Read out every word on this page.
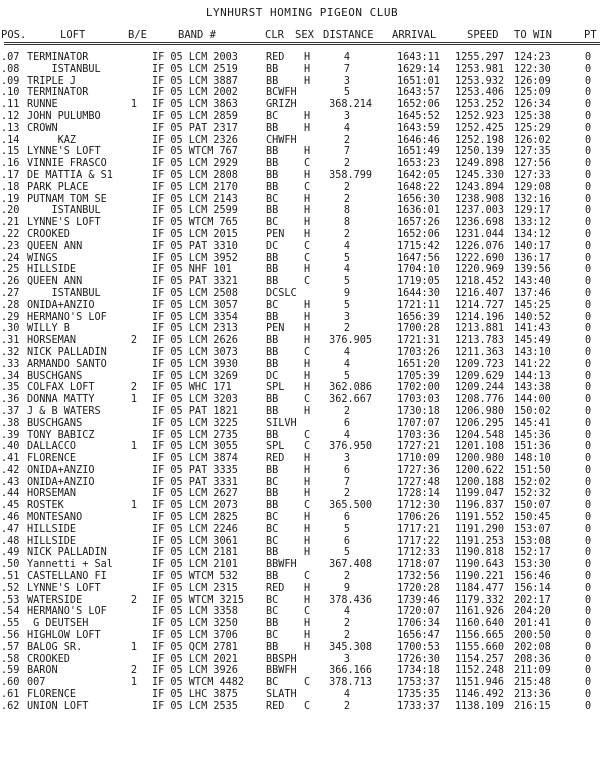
LYNHURST HOMING PIGEON CLUB
POS.	LOFT	B/E	BAND #	CLR SEX DISTANCE ARRIVAL	SPEED TO WIN	PT
.07 TERMINATOR	IF 05 LCM 2003	RED H	4	1643:11 1255.297 124:23	0
.08 ISTANBUL	IF 05 LCM 2519	BB	H	7	1629:14 1253.981 122:30	0
.09 TRIPLE J	IF 05 LCM 3887	BB	H	3	1651:01 1253.932 126:09	0
.10 TERMINATOR	IF 05 LCM 2002	BCWFH	5	1643:57 1253.406 125:09	0
.11 RUNNE	1 IF 05 LCM 3863	GRIZH	368.214 1652:06 1253.252 126:34	0
.12 JOHN PULUMBO	IF 05 LCM 2859	BC	H	3	1645:52 1252.923 125:38	0
.13 CROWN	IF 05 PAT 2317	BB	H	4	1643:59 1252.425 125:29	0
.14 KAZ	IF 05 LCM 2326	CHWFH	2	1646:46 1252.198 126:02	0
.15 LYNNE'S LOFT	IF 05 WTCM 767	BB	H	7	1651:49 1250.139 127:35	0
.16 VINNIE FRASCO	IF 05 LCM 2929	BB	C	2	1653:23 1249.898 127:56	0
.17 DE MATTIA & S1	IF 05 LCM 2808	BB	H	358.799 1642:05 1245.330 127:33	0
.18 PARK PLACE	IF 05 LCM 2170	BB	C	2	1648:22 1243.894 129:08	0
.19 PUTNAM TOM SE	IF 05 LCM 2143	BC	H	2	1656:30 1238.908 132:16	0
.20 ISTANBUL	IF 05 LCM 2599	BB	H	8	1636:01 1237.003 129:17	0
.21 LYNNE'S LOFT	IF 05 WTCM 765	BC	H	8	1657:26 1236.698 133:12	0
.22 CROOKED	IF 05 LCM 2015	PEN H	2	1652:06 1231.044 134:12	0
.23 QUEEN ANN	IF 05 PAT 3310	DC	C	4	1715:42 1226.076 140:17	0
.24 WINGS	IF 05 LCM 3952	BB	C	5	1647:56 1222.690 136:17	0
.25 HILLSIDE	IF 05 NHF 101	BB	H	4	1704:10 1220.969 139:56	0
.26 QUEEN ANN	IF 05 PAT 3321	BB	C	5	1719:05 1218.452 143:40	0
.27 ISTANBUL	IF 05 LCM 2508	DCSLC	9	1644:30 1216.407 137:46	0
.28 ONIDA+ANZIO	IF 05 LCM 3057	BC	H	5	1721:11 1214.727 145:25	0
.29 HERMANO'S LOF	IF 05 LCM 3354	BB	H	3	1656:39 1214.196 140:52	0
.30 WILLY B	IF 05 LCM 2313	PEN H	2	1700:28 1213.881 141:43	0
.31 HORSEMAN	2 IF 05 LCM 2626	BB	H	376.905 1721:31 1213.783 145:49	0
.32 NICK PALLADIN	IF 05 LCM 3073	BB	C	4	1703:26 1211.363 143:10	0
.33 ARMANDO SANTO	IF 05 LCM 3930	BB	H	4	1651:20 1209.723 141:22	0
.34 BUSCHGANS	IF 05 LCM 3269	DC	H	5	1705:39 1209.629 144:13	0
.35 COLFAX LOFT	2 IF 05 WHC 171	SPL H	362.086 1702:00 1209.244 143:38	0
.36 DONNA MATTY	1 IF 05 LCM 3203	BB	C	362.667 1703:03 1208.776 144:00	0
.37 J & B WATERS	IF 05 PAT 1821	BB	H	2	1730:18 1206.980 150:02	0
.38 BUSCHGANS	IF 05 LCM 3225	SILVH	6	1707:07 1206.295 145:41	0
.39 TONY BABICZ	IF 05 LCM 2735	BB	C	4	1703:36 1204.548 145:36	0
.40 DALLACCO	1 IF 05 LCM 3055	SPL C	376.950 1727:21 1201.108 151:36	0
.41 FLORENCE	IF 05 LCM 3874	RED H	3	1710:09 1200.980 148:10	0
.42 ONIDA+ANZIO	IF 05 PAT 3335	BB	H	6	1727:36 1200.622 151:50	0
.43 ONIDA+ANZIO	IF 05 PAT 3331	BC	H	7	1727:48 1200.188 152:02	0
.44 HORSEMAN	IF 05 LCM 2627	BB	H	2	1728:14 1199.047 152:32	0
.45 ROSTEK	1 IF 05 LCM 2073	BB	C	365.500 1712:30 1196.837 150:07	0
.46 MONTESANO	IF 05 LCM 2825	BC	H	6	1706:26 1191.552 150:45	0
.47 HILLSIDE	IF 05 LCM 2246	BC	H	5	1717:21 1191.290 153:07	0
.48 HILLSIDE	IF 05 LCM 3061	BC	H	6	1717:22 1191.253 153:08	0
.49 NICK PALLADIN	IF 05 LCM 2181	BB	H	5	1712:33 1190.818 152:17	0
.50 Yannetti + Sal	IF 05 LCM 2101	BBWFH	367.408 1718:07 1190.643 153:30	0
.51 CASTELLANO FI	IF 05 WTCM 532	BB	C	2	1732:56 1190.221 156:46	0
.52 LYNNE'S LOFT	IF 05 LCM 2315	RED H	9	1720:28 1184.477 156:14	0
.53 WATERSIDE	2 IF 05 WTCM 3215 BC	H	378.436 1739:46 1179.332 202:17	0
.54 HERMANO'S LOF	IF 05 LCM 3358	BC	C	4	1720:07 1161.926 204:20	0
.55 G DEUTSEH	IF 05 LCM 3250	BB	H	2	1706:34 1160.640 201:41	0
.56 HIGHLOW LOFT	IF 05 LCM 3706	BC	H	2	1656:47 1156.665 200:50	0
.57 BALOG SR.	1 IF 05 QCM 2781	BB	H	345.308 1700:53 1155.660 202:08	0
.58 CROOKED	IF 05 LCM 2021	BBSPH	3	1726:30 1154.257 208:36	0
.59 BARON	2 IF 05 LCM 3926	BBWFH	366.166 1734:18 1152.248 211:09	0
.60 007	1 IF 05 WTCM 4482 BC	C	378.713 1753:37 1151.946 215:48	0
.61 FLORENCE	IF 05 LHC 3875	SLATH	4	1735:35 1146.492 213:36	0
.62 UNION LOFT	IF 05 LCM 2535	RED C	2	1733:37 1138.109 216:15	0
